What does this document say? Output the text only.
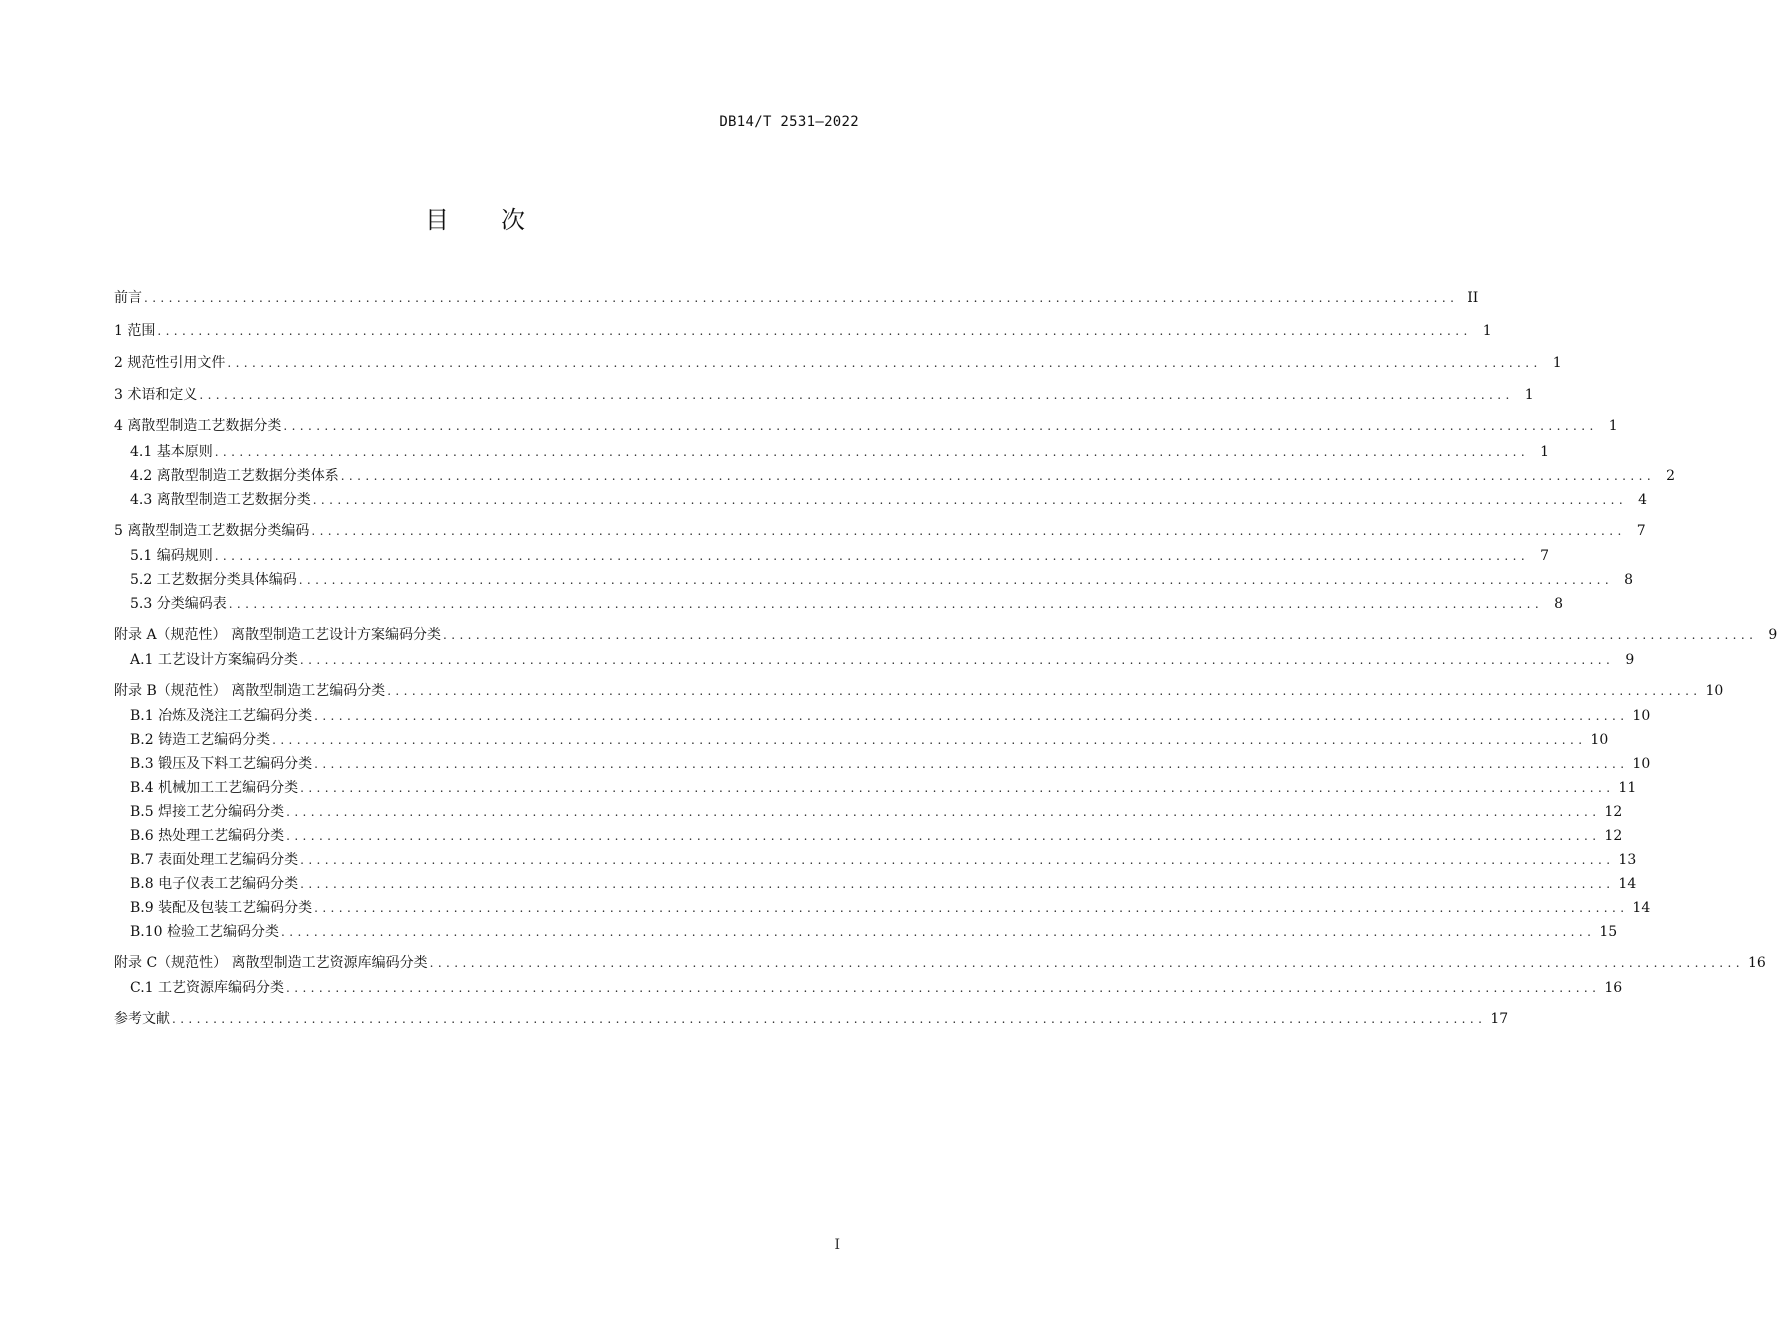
DB14/T 2531—2022
目 次
前言 ................................................................................................................................................................ II
1 范围 ................................................................................................................................................................ 1
2 规范性引用文件 ................................................................................................................................................................ 1
3 术语和定义 ................................................................................................................................................................ 1
4 离散型制造工艺数据分类 ................................................................................................................................................................ 1
4.1 基本原则 ................................................................................................................................................................ 1
4.2 离散型制造工艺数据分类体系 ................................................................................................................................................................ 2
4.3 离散型制造工艺数据分类 ................................................................................................................................................................ 4
5 离散型制造工艺数据分类编码 ................................................................................................................................................................ 7
5.1 编码规则 ................................................................................................................................................................ 7
5.2 工艺数据分类具体编码 ................................................................................................................................................................ 8
5.3 分类编码表 ................................................................................................................................................................ 8
附录 A（规范性） 离散型制造工艺设计方案编码分类 ................................................................................................................................................................ 9
A.1 工艺设计方案编码分类 ................................................................................................................................................................ 9
附录 B（规范性） 离散型制造工艺编码分类 ................................................................................................................................................................ 10
B.1 冶炼及浇注工艺编码分类 ................................................................................................................................................................ 10
B.2 铸造工艺编码分类 ................................................................................................................................................................ 10
B.3 锻压及下料工艺编码分类 ................................................................................................................................................................ 10
B.4 机械加工工艺编码分类 ................................................................................................................................................................ 11
B.5 焊接工艺分编码分类 ................................................................................................................................................................ 12
B.6 热处理工艺编码分类 ................................................................................................................................................................ 12
B.7 表面处理工艺编码分类 ................................................................................................................................................................ 13
B.8 电子仪表工艺编码分类 ................................................................................................................................................................ 14
B.9 装配及包装工艺编码分类 ................................................................................................................................................................ 14
B.10 检验工艺编码分类 ................................................................................................................................................................ 15
附录 C（规范性） 离散型制造工艺资源库编码分类 ................................................................................................................................................................ 16
C.1 工艺资源库编码分类 ................................................................................................................................................................ 16
参考文献 ................................................................................................................................................................ 17
I
